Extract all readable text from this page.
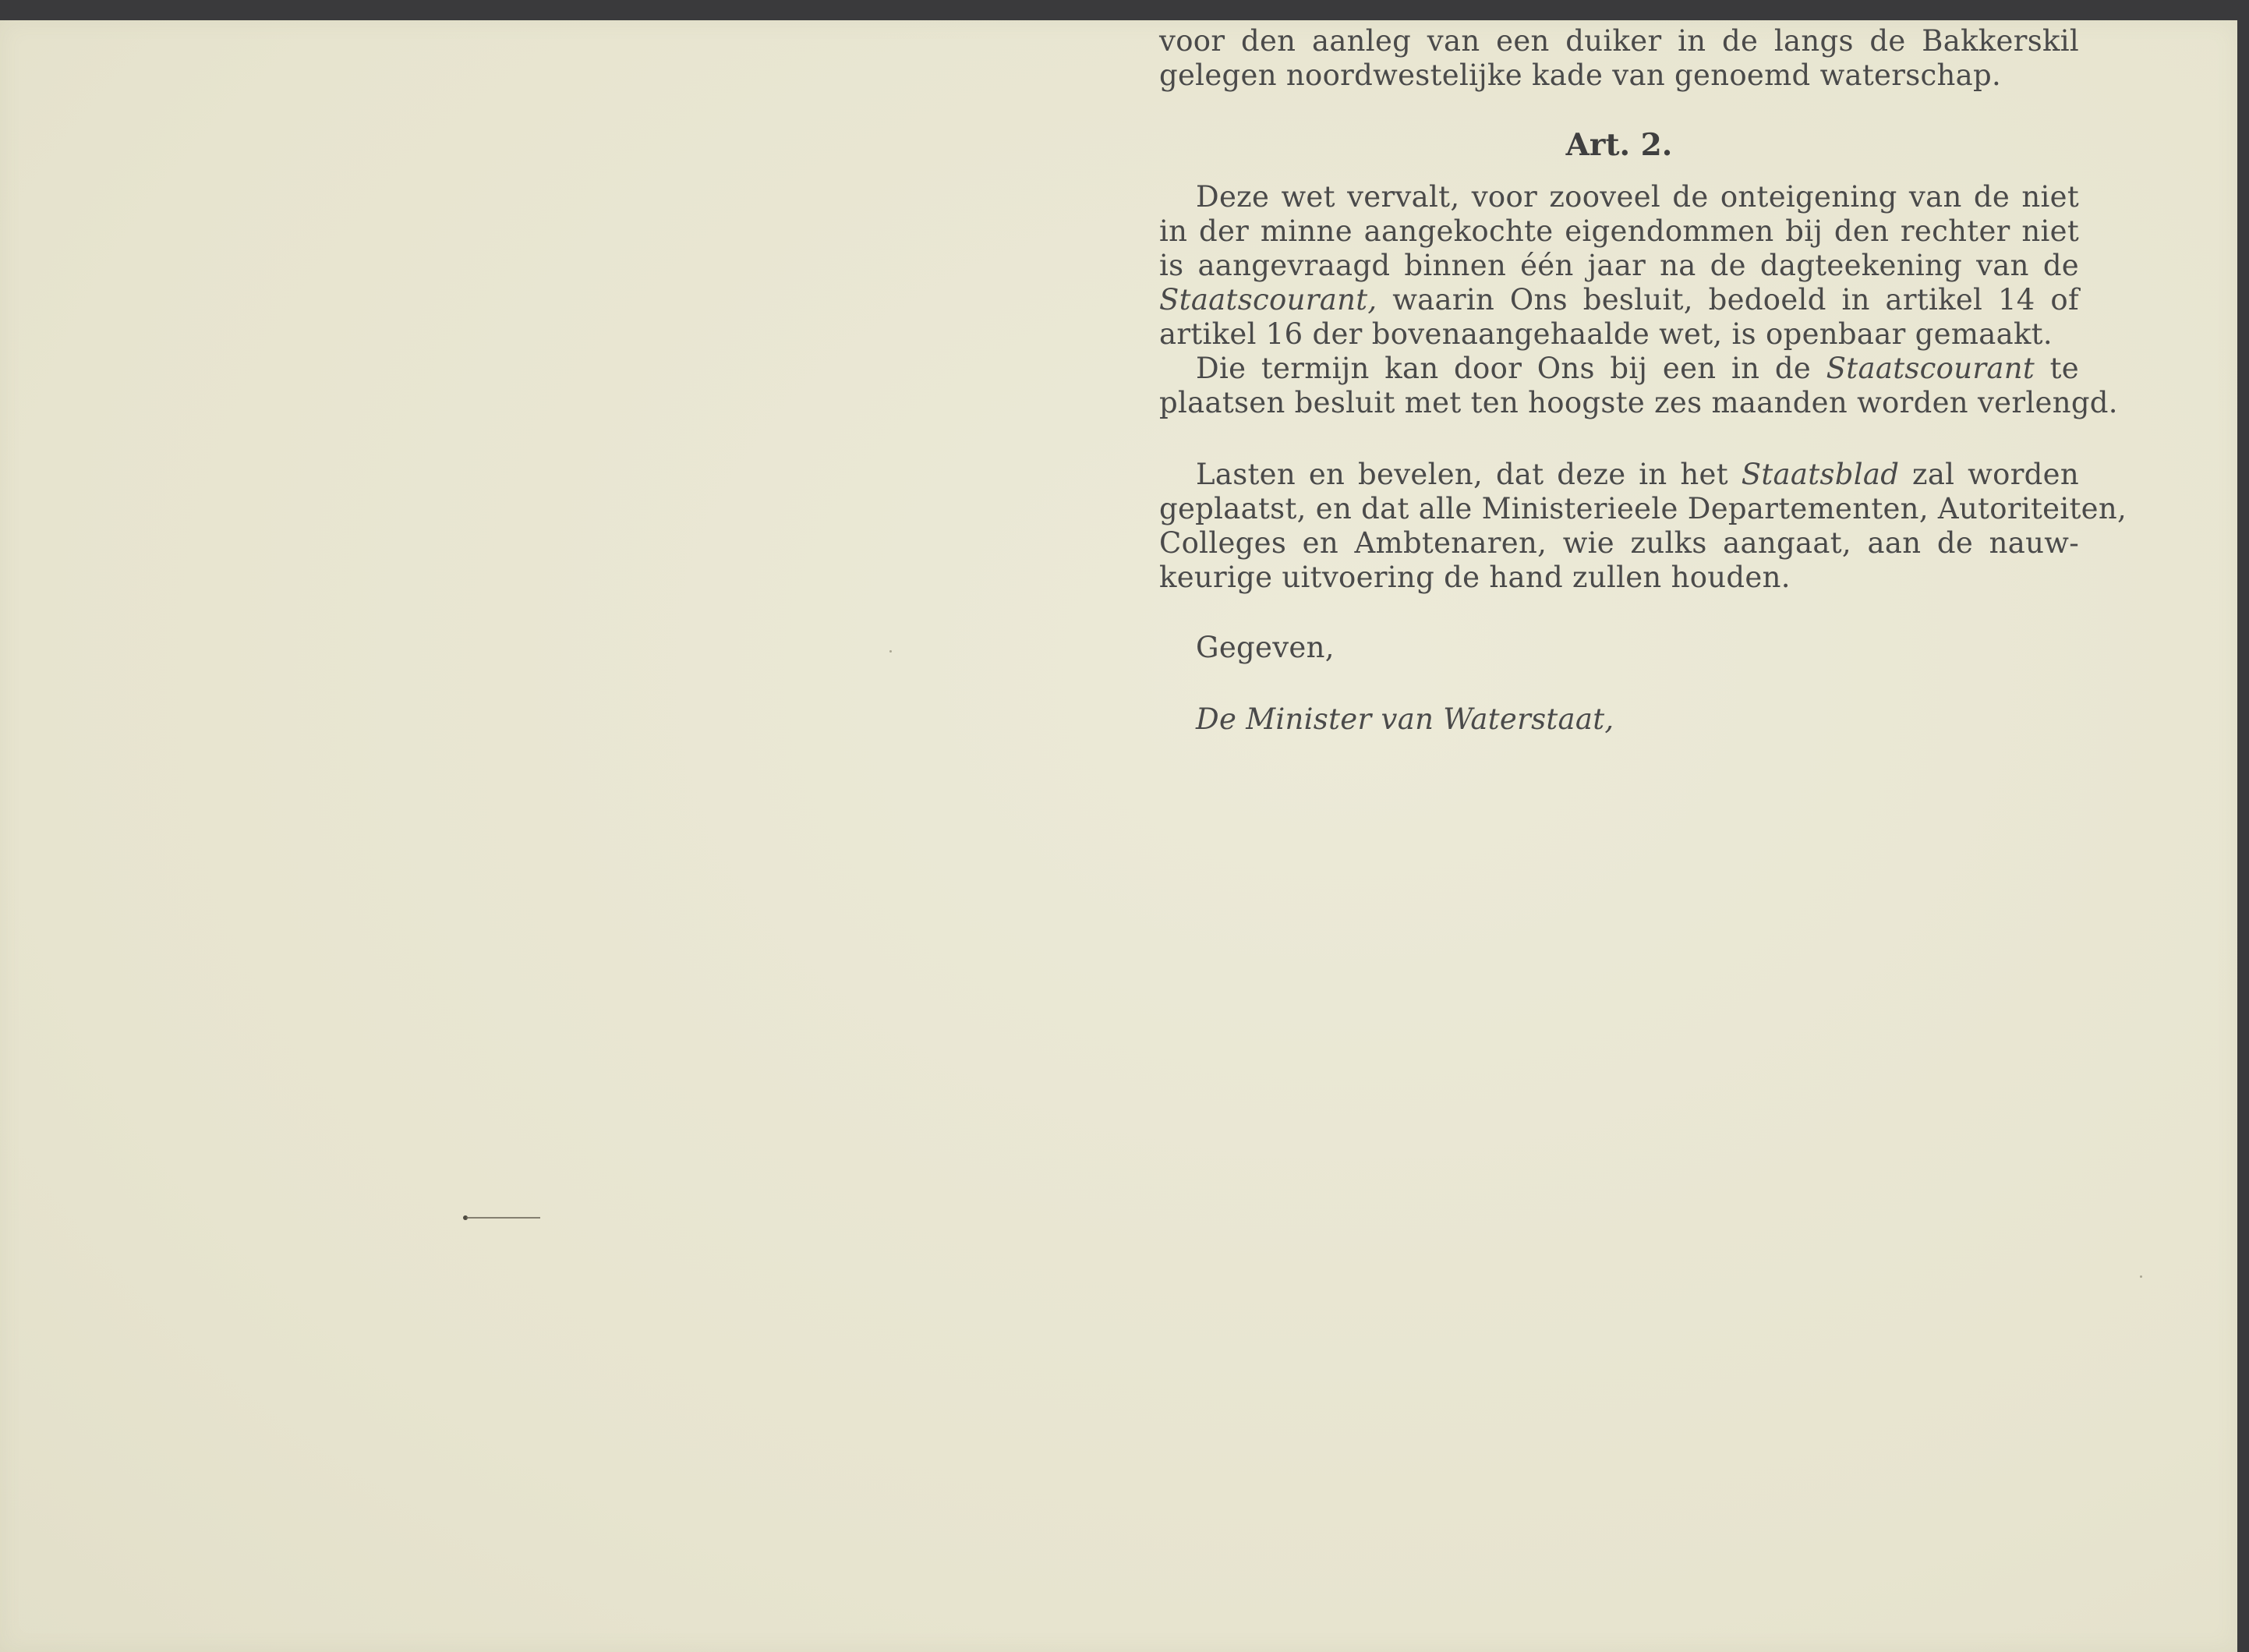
voor den aanleg van een duiker in de langs de Bakkerskil
gelegen noordwestelijke kade van genoemd waterschap.
Art. 2.
Deze wet vervalt, voor zooveel de onteigening van de niet
in der minne aangekochte eigendommen bij den rechter niet
is aangevraagd binnen één jaar na de dagteekening van de
Staatscourant, waarin Ons besluit, bedoeld in artikel 14 of
artikel 16 der bovenaangehaalde wet, is openbaar gemaakt.
Die termijn kan door Ons bij een in de Staatscourant te
plaatsen besluit met ten hoogste zes maanden worden verlengd.
Lasten en bevelen, dat deze in het Staatsblad zal worden
geplaatst, en dat alle Ministerieele Departementen, Autoriteiten,
Colleges en Ambtenaren, wie zulks aangaat, aan de nauw-
keurige uitvoering de hand zullen houden.
Gegeven,
De Minister van Waterstaat,
